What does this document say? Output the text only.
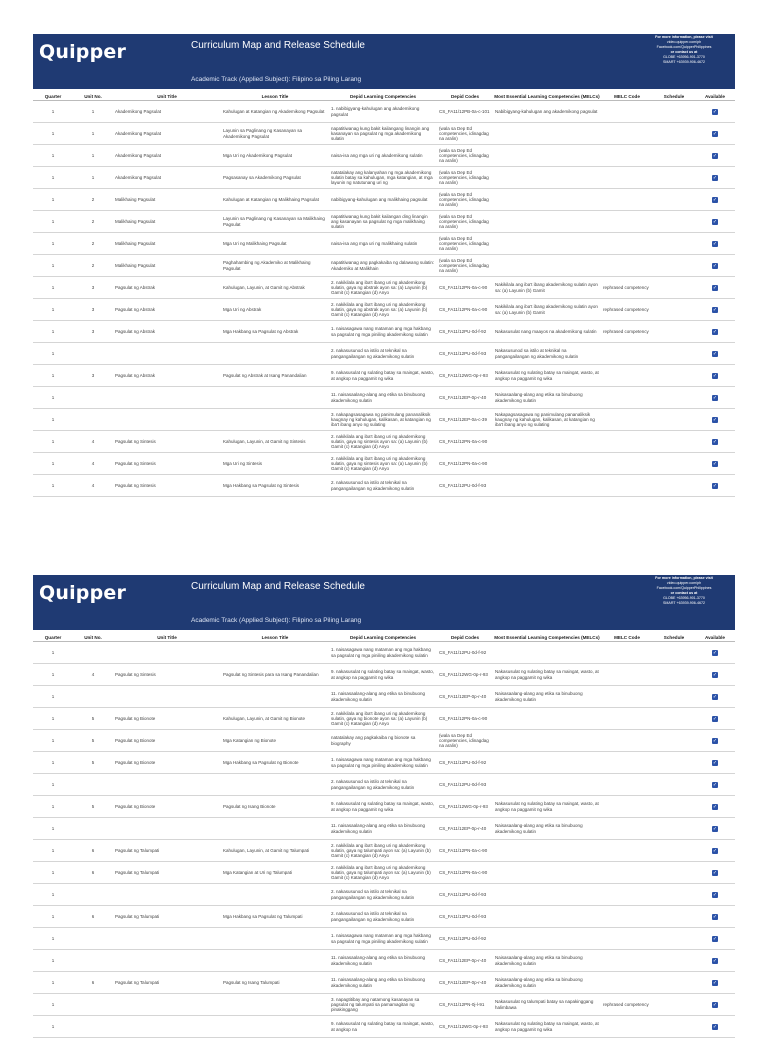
Quipper	Curriculum Map and Release Schedule
For more information, please visit
video.quipper.com/ph
Facebook.com/QuipperPhilippines
or contact us at
GLOBE +63956-901-3770
SMART +63939-906-4672
Academic Track (Applied Subject): Filipino sa Piling Larang
Quarter	Unit No.	Unit Title	Lesson Title	Depid Learning Competencies	Depid Codes	Most Essential Learning Competencies (MELCs)	MELC Code	Schedule	Available
1	1	Akademikong Pagsulat	Kahulugan at Katangian ng Akademikong Pagsulat	1. nabibigyang-kahulugan ang akademikong pagsulat	CS_FA11/12PB-0a-c-101	Nabibigyang-kahulugan ang akademikong pagsulat			✓
1	1	Akademikong Pagsulat	Layunin sa Paglinang ng Kasanayan sa Akademikong Pagsulat	napatitiwanag kung bakit kailangang linangin ang kasanayan sa pagsulat ng mga akademikong sulatin	(wala sa Dep Ed competencies, idinagdag na aralin)				✓
1	1	Akademikong Pagsulat	Mga Uri ng Akademikong Pagsulat	naisa-isa ang mga uri ng akademikong sulatin	(wala sa Dep Ed competencies, idinagdag na aralin)				✓
1	1	Akademikong Pagsulat	Pagsasanay sa Akademikong Pagsulat	natatalakay ang kalanyahan ng mga akademikong sulatin batay sa kahulugan, mga katangian, at mga layunin ng natutunang uri ng	(wala sa Dep Ed competencies, idinagdag na aralin)				✓
1	2	Malikhaing Pagsulat	Kahulugan at Katangian ng Malikhaing Pagsulat	nabibigyang-kahulugan ang malikhaing pagsulat	(wala sa Dep Ed competencies, idinagdag na aralin)				✓
1	2	Malikhaing Pagsulat	Layunin sa Paglinang ng Kasanayan sa Malikhaing Pagsulat	napatitiwanag kung bakit kailangan ding linangin ang kasanayan sa pagsulat ng mga malikhaing sulatin	(wala sa Dep Ed competencies, idinagdag na aralin)				✓
1	2	Malikhaing Pagsulat	Mga Uri ng Malikhaing Pagsulat	naisa-isa ang mga uri ng malikhaing sulatin	(wala sa Dep Ed competencies, idinagdag na aralin)				✓
1	2	Malikhaing Pagsulat	Paghahambing ng Akademiko at Malikhaing Pagsulat	napatitiwanag ang pagkakaiba ng dalawang sulatin: Akademiko at Malikhain	(wala sa Dep Ed competencies, idinagdag na aralin)				✓
1	3	Pagsulat ng Abstrak	Kahulugan, Layunin, at Gamit ng Abstrak	2. nakikilala ang iba't ibang uri ng akademikong sulatin, gaya ng abstrak ayon sa: (a) Layunin (b) Gamit (c) Katangian (d) Anyo	CS_FA11/12PN-0a-c-90	Nakikilala ang iba't ibang akademikong sulatin ayon sa: (a) Layunin (b) Gamit	rephrased competency		✓
1	3	Pagsulat ng Abstrak	Mga Uri ng Abstrak	2. nakikilala ang iba't ibang uri ng akademikong sulatin, gaya ng abstrak ayon sa: (a) Layunin (b) Gamit (c) Katangian (d) Anyo	CS_FA11/12PN-0a-c-90	Nakikilala ang iba't ibang akademikong sulatin ayon sa: (a) Layunin (b) Gamit	rephrased competency		✓
1	3	Pagsulat ng Abstrak	Mga Hakbang sa Pagsulat ng Abstrak	1. naisasagawa nang mataman ang mga hakbang sa pagsulat ng mga piniling akademikong sulatin	CS_FA11/12PU-0d-f-92	Nakasusulat nang maayos na akademikong sulatin	rephrased competency		✓
1				2. nakasusunod sa istilo at teknikal na pangangailangan ng akademikong sulatin	CS_FA11/12PU-0d-f-93	Nakasusunod sa istilo at teknikal na pangangailangan ng akademikong sulatin			✓
1	3	Pagsulat ng Abstrak	Pagsulat ng Abstrak at Isang Panandalian	9. nakasusulat ng sulating batay sa maingat, wasto, at angkop na paggamit ng wika	CS_FA11/12WG-0p-r-93	Nakasusulat ng sulating batay sa maingat, wasto, at angkop na paggamit ng wika			✓
1				11. naisasaalang-alang ang etika sa binubuong akademikong sulatin	CS_FA11/12EP-0p-r-40	Naisasaalang-alang ang etika sa binubuong akademikong sulatin			✓
1				3. nakapagsasagawa ng panimulang pananaliksik kaugnay ng kahulugan, kalikasan, at katangian ng iba't ibang anyo ng sulating	CS_FA11/12EP-0a-c-39	Nakapagsasagawa ng panimulang pananaliksik kaugnay ng kahulugan, kalikasan, at katangian ng iba't ibang anyo ng sulating			✓
1	4	Pagsulat ng Sintesis	Kahulugan, Layunin, at Gamit ng Sintesis	2. nakikilala ang iba't ibang uri ng akademikong sulatin, gaya ng sintesis ayon sa: (a) Layunin (b) Gamit (c) Katangian (d) Anyo	CS_FA11/12PN-0a-c-90				✓
1	4	Pagsulat ng Sintesis	Mga Uri ng Sintesis	2. nakikilala ang iba't ibang uri ng akademikong sulatin, gaya ng sintesis ayon sa: (a) Layunin (b) Gamit (c) Katangian (d) Anyo	CS_FA11/12PN-0a-c-90				✓
1	4	Pagsulat ng Sintesis	Mga Hakbang sa Pagsulat ng Sintesis	2. nakasusunod sa istilo at teknikal na pangangailangan ng akademikong sulatin	CS_FA11/12PU-0d-f-93				✓
Quipper	Curriculum Map and Release Schedule
For more information, please visit
video.quipper.com/ph
Facebook.com/QuipperPhilippines
or contact us at
GLOBE +63956-901-3770
SMART +63939-906-4672
Academic Track (Applied Subject): Filipino sa Piling Larang
Quarter	Unit No.	Unit Title	Lesson Title	Depid Learning Competencies	Depid Codes	Most Essential Learning Competencies (MELCs)	MELC Code	Schedule	Available
1				1. naisasagawa nang mataman ang mga hakbang sa pagsulat ng mga piniling akademikong sulatin	CS_FA11/12PU-0d-f-92				✓
1	4	Pagsulat ng Sintesis	Pagsulat ng Sintesis para sa Isang Panandalian	9. nakasusulat ng sulating batay sa maingat, wasto, at angkop na paggamit ng wika	CS_FA11/12WG-0p-r-93	Nakasusulat ng sulating batay sa maingat, wasto, at angkop na paggamit ng wika			✓
1				11. naisasaalang-alang ang etika sa binubuong akademikong sulatin	CS_FA11/12EP-0p-r-40	Naisasaalang-alang ang etika sa binubuong akademikong sulatin			✓
1	5	Pagsulat ng Bionote	Kahulugan, Layunin, at Gamit ng Bionote	2. nakikilala ang iba't ibang uri ng akademikong sulatin, gaya ng bionote ayon sa: (a) Layunin (b) Gamit (c) Katangian (d) Anyo	CS_FA11/12PN-0a-c-90				✓
1	5	Pagsulat ng Bionote	Mga Katangian ng Bionote	natatalakay ang pagkakaiba ng bionote sa biography	(wala sa Dep Ed competencies, idinagdag na aralin)				✓
1	5	Pagsulat ng Bionote	Mga Hakbang sa Pagsulat ng Bionote	1. naisasagawa nang mataman ang mga hakbang sa pagsulat ng mga piniling akademikong sulatin	CS_FA11/12PU-0d-f-92				✓
1				2. nakasusunod sa istilo at teknikal na pangangailangan ng akademikong sulatin	CS_FA11/12PU-0d-f-93				✓
1	5	Pagsulat ng Bionote	Pagsulat ng Isang Bionote	9. nakasusulat ng sulating batay sa maingat, wasto, at angkop na paggamit ng wika	CS_FA11/12WG-0p-r-93	Nakasusulat ng sulating batay sa maingat, wasto, at angkop na paggamit ng wika			✓
1				11. naisasaalang-alang ang etika sa binubuong akademikong sulatin	CS_FA11/12EP-0p-r-40	Naisasaalang-alang ang etika sa binubuong akademikong sulatin			✓
1	6	Pagsulat ng Talumpati	Kahulugan, Layunin, at Gamit ng Talumpati	2. nakikilala ang iba't ibang uri ng akademikong sulatin, gaya ng talumpati ayon sa: (a) Layunin (b) Gamit (c) Katangian (d) Anyo	CS_FA11/12PN-0a-c-90				✓
1	6	Pagsulat ng Talumpati	Mga Katangian at Uri ng Talumpati	2. nakikilala ang iba't ibang uri ng akademikong sulatin, gaya ng talumpati ayon sa: (a) Layunin (b) Gamit (c) Katangian (d) Anyo	CS_FA11/12PN-0a-c-90				✓
1				2. nakasusunod sa istilo at teknikal na pangangailangan ng akademikong sulatin	CS_FA11/12PU-0d-f-93				✓
1	6	Pagsulat ng Talumpati	Mga Hakbang sa Pagsulat ng Talumpati	2. nakasusunod sa istilo at teknikal na pangangailangan ng akademikong sulatin	CS_FA11/12PU-0d-f-93				✓
1				1. naisasagawa nang mataman ang mga hakbang sa pagsulat ng mga piniling akademikong sulatin	CS_FA11/12PU-0d-f-92				✓
1				11. naisasaalang-alang ang etika sa binubuong akademikong sulatin	CS_FA11/12EP-0p-r-40	Naisasaalang-alang ang etika sa binubuong akademikong sulatin			✓
1	6	Pagsulat ng Talumpati	Pagsulat ng Isang Talumpati	11. naisasaalang-alang ang etika sa binubuong akademikong sulatin	CS_FA11/12EP-0p-r-40	Naisasaalang-alang ang etika sa binubuong akademikong sulatin			✓
1				3. napagtitibay ang natamong kasanayan sa pagsulat ng talumpati sa pamamagitan ng pinakinggang	CS_FA11/12PN-0j-l-91	Nakasusulat ng talumpati batay sa napakinggang halimbawa	rephrased competency		✓
1				9. nakasusulat ng sulating batay sa maingat, wasto, at angkop na	CS_FA11/12WG-0p-r-93	Nakasusulat ng sulating batay sa maingat, wasto, at angkop na paggamit ng wika			✓
